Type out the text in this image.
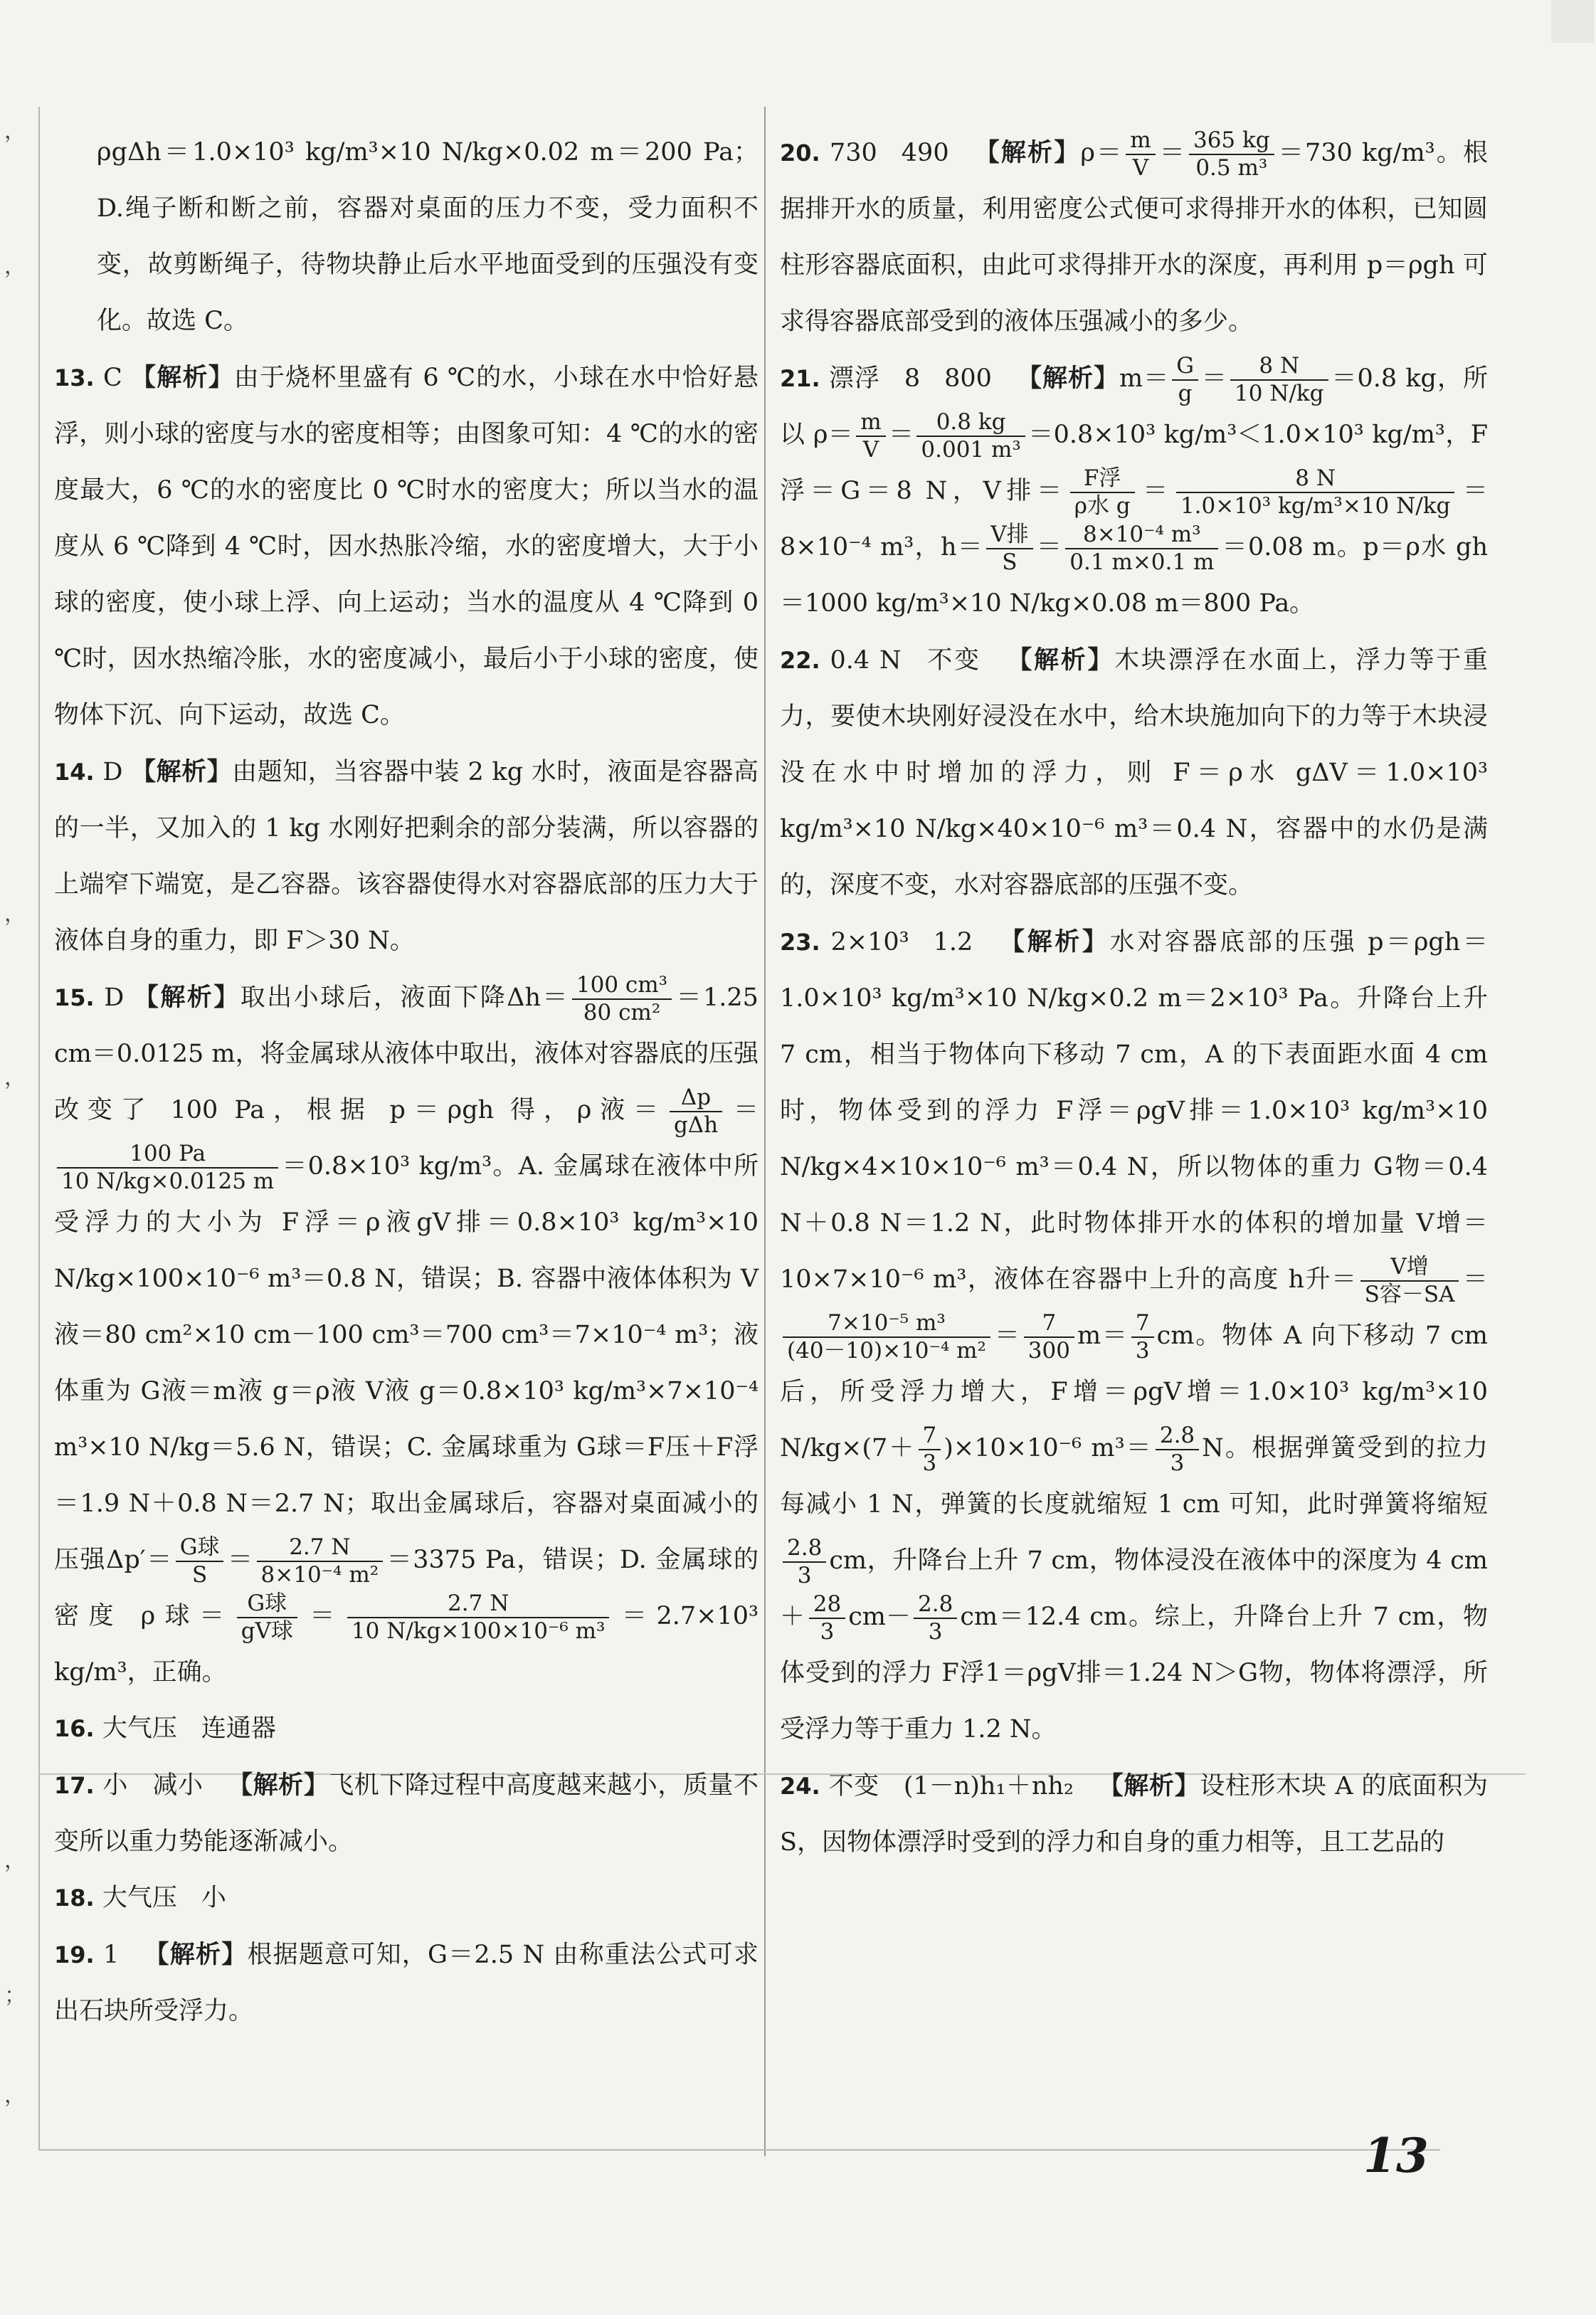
，
，
，
，
，
；
，
ρgΔh＝1.0×10³ kg/m³×10 N/kg×0.02 m＝200 Pa；D.绳子断和断之前，容器对桌面的压力不变，受力面积不变，故剪断绳子，待物块静止后水平地面受到的压强没有变化。故选 C。
13. C 【解析】由于烧杯里盛有 6 ℃的水，小球在水中恰好悬浮，则小球的密度与水的密度相等；由图象可知：4 ℃的水的密度最大，6 ℃的水的密度比 0 ℃时水的密度大；所以当水的温度从 6 ℃降到 4 ℃时，因水热胀冷缩，水的密度增大，大于小球的密度，使小球上浮、向上运动；当水的温度从 4 ℃降到 0 ℃时，因水热缩冷胀，水的密度减小，最后小于小球的密度，使物体下沉、向下运动，故选 C。
14. D 【解析】由题知，当容器中装 2 kg 水时，液面是容器高的一半，又加入的 1 kg 水刚好把剩余的部分装满，所以容器的上端窄下端宽，是乙容器。该容器使得水对容器底部的压力大于液体自身的重力，即 F＞30 N。
15. D 【解析】取出小球后，液面下降$\Delta h= \frac{\text{100 cm³}}{\text{80 cm²}} =1.25$ cm＝0.0125 m，将金属球从液体中取出，液体对容器底的压强改变了 100 Pa，根据 p＝ρgh 得，ρ液＝ $\frac{\Delta p}{\text{gΔh}}$ ＝
$\frac{100 Pa}{10 N/kg\times 0.0125 m} =0.8\times 10^3$ kg/m³。A. 金属球在液体中所受浮力的大小为 F浮＝ρ液gV排＝0.8×10³ kg/m³×10 N/kg×100×10⁻⁶ m³＝0.8 N，错误；B. 容器中液体体积为 V液＝80 cm²×10 cm－100 cm³＝700 cm³＝7×10⁻⁴ m³；液体重为 G液＝m液 g＝ρ液 V液 g＝0.8×10³ kg/m³×7×10⁻⁴ m³×10 N/kg＝5.6 N，错误；C. 金属球重为 G球＝F压＋F浮＝1.9 N＋0.8 N＝2.7 N；取出金属球后，容器对桌面减小的压强$\Delta p'= \frac{\text{G球}}{S} = \frac{2.7 N}{\text{8×10⁻⁴ m²}} =3375$ Pa，错误；D. 金属球的密度 ρ球＝ $\frac{\text{G球}}{\text{gV球}} = \frac{2.7 N}{\text{10 N/kg×100×10⁻⁶ m³}} =2.7\times 10^3$ kg/m³，正确。
16. 大气压 连通器
17. 小 减小 【解析】飞机下降过程中高度越来越小，质量不变所以重力势能逐渐减小。
18. 大气压 小
19. 1 【解析】根据题意可知，G＝2.5 N 由称重法公式可求出石块所受浮力。
20. 730 490 【解析】$\rho= \frac{m}{V} = \frac{365 kg}{\text{0.5 m³}} =730$ kg/m³。根据排开水的质量，利用密度公式便可求得排开水的体积，已知圆柱形容器底面积，由此可求得排开水的深度，再利用 p＝ρgh 可求得容器底部受到的液体压强减小的多少。
21. 漂浮 8 800 【解析】$m= \frac{G}{g} = \frac{8 N}{10 N/kg} =0.8$ kg，所以 $\rho= \frac{m}{V} = \frac{0.8 kg}{\text{0.001 m³}} =0.8\times 10^3$ kg/m³＜1.0×10³ kg/m³，F浮＝G＝8 N，V排＝ $\frac{\text{F浮}}{\text{ρ水 g}} = \frac{8 N}{\text{1.0×10³ kg/m³×10 N/kg}} =8\times 10^{-4}$ m³，$h= \frac{\text{V排}}{S} = \frac{\text{8×10⁻⁴ m³}}{0.1 m\times 0.1 m} =0.08$ m。p＝ρ水 gh＝1000 kg/m³×10 N/kg×0.08 m＝800 Pa。
22. 0.4 N 不变 【解析】木块漂浮在水面上，浮力等于重力，要使木块刚好浸没在水中，给木块施加向下的力等于木块浸没在水中时增加的浮力，则 F＝ρ水 gΔV＝1.0×10³ kg/m³×10 N/kg×40×10⁻⁶ m³＝0.4 N，容器中的水仍是满的，深度不变，水对容器底部的压强不变。
23. 2×10³ 1.2 【解析】水对容器底部的压强 p＝ρgh＝1.0×10³ kg/m³×10 N/kg×0.2 m＝2×10³ Pa。升降台上升 7 cm，相当于物体向下移动 7 cm，A 的下表面距水面 4 cm时，物体受到的浮力 F浮＝ρgV排＝1.0×10³ kg/m³×10 N/kg×4×10×10⁻⁶ m³＝0.4 N，所以物体的重力 G物＝0.4 N＋0.8 N＝1.2 N，此时物体排开水的体积的增加量 V增＝10×7×10⁻⁶ m³，液体在容器中上升的高度 h升＝ $\frac{\text{V增}}{\text{S容－SA}}$ ＝
$\frac{\text{7×10⁻⁵ m³}}{\text{(40－10)×10⁻⁴ m²}} = \frac{7}{300} m= \frac{7}{3}$ cm。物体 A 向下移动 7 cm 后，所受浮力增大，F增＝ρgV增＝1.0×10³ kg/m³×10 $N/kg\times(7+ \frac{7}{3} )\times 10\times 10^{-6}$ $m^3= \frac{2.8}{3}$ N。根据弹簧受到的拉力每减小 1 N，弹簧的长度就缩短 1 cm 可知，此时弹簧将缩短
$\frac{2.8}{3}$ cm，升降台上升 7 cm，物体浸没在液体中的深度为 4 $cm+ \frac{28}{3} cm- \frac{2.8}{3} cm=12.4$ cm。综上，升降台上升 7 cm，物体受到的浮力 F浮1＝ρgV排＝1.24 N＞G物，物体将漂浮，所受浮力等于重力 1.2 N。
24. 不变 (1－n)h₁＋nh₂ 【解析】设柱形木块 A 的底面积为 S，因物体漂浮时受到的浮力和自身的重力相等，且工艺品的
13
